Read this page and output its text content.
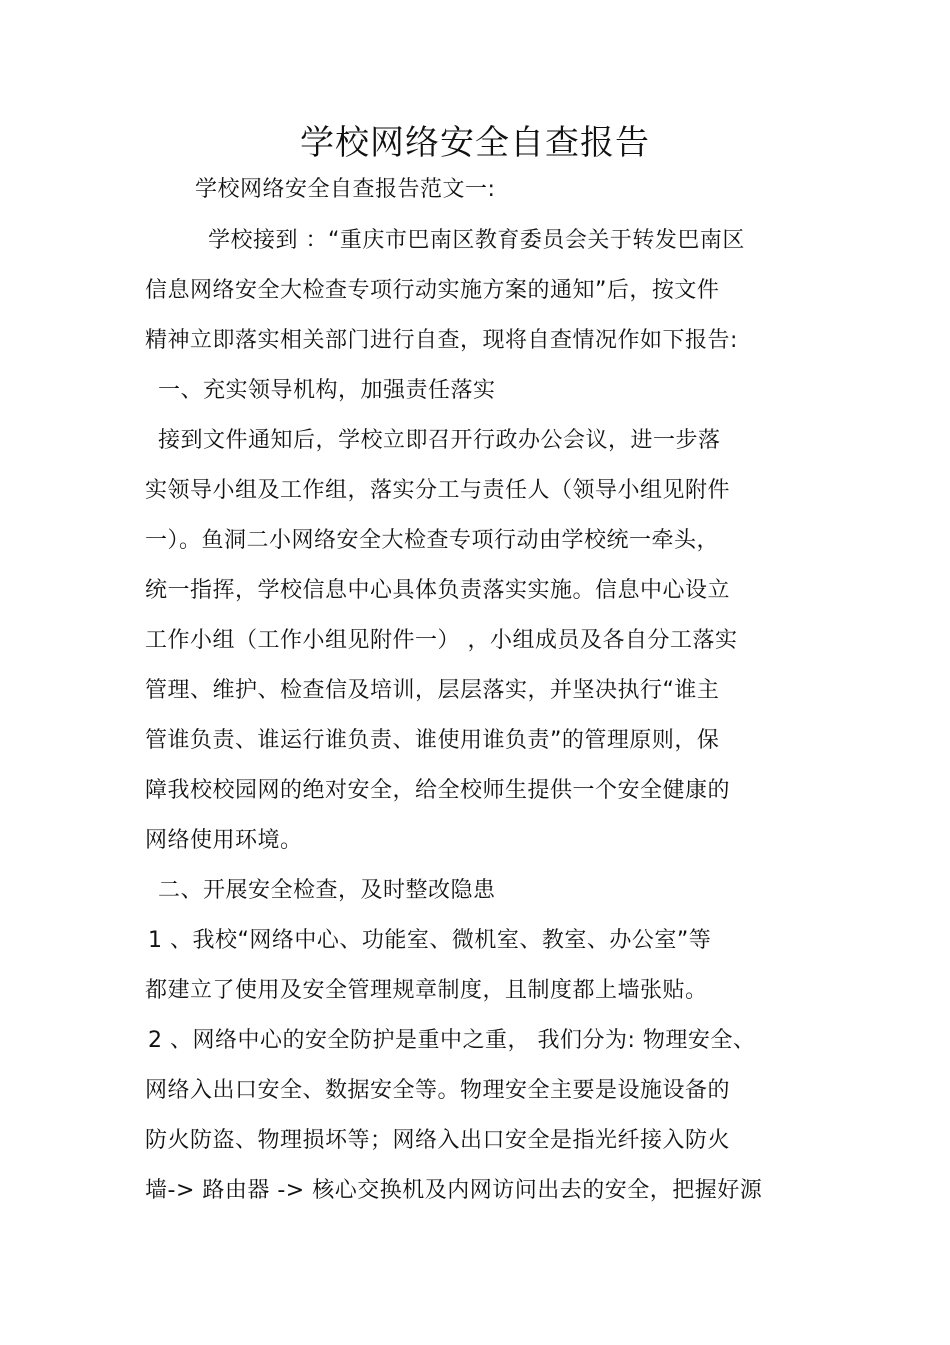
学校网络安全自查报告
学校网络安全自查报告范文一:
学校接到 ：“重庆市巴南区教育委员会关于转发巴南区
信息网络安全大检查专项行动实施方案的通知”后，按文件
精神立即落实相关部门进行自查，现将自查情况作如下报告:
一、充实领导机构，加强责任落实
接到文件通知后，学校立即召开行政办公会议，进一步落
实领导小组及工作组，落实分工与责任人（领导小组见附件
一）。鱼洞二小网络安全大检查专项行动由学校统一牵头，
统一指挥，学校信息中心具体负责落实实施。信息中心设立
工作小组（工作小组见附件一） ，小组成员及各自分工落实
管理、维护、检查信及培训，层层落实，并坚决执行“谁主
管谁负责、谁运行谁负责、谁使用谁负责”的管理原则，保
障我校校园网的绝对安全，给全校师生提供一个安全健康的
网络使用环境。
二、开展安全检查，及时整改隐患
1 、我校“网络中心、功能室、微机室、教室、办公室”等
都建立了使用及安全管理规章制度，且制度都上墙张贴。
2 、网络中心的安全防护是重中之重， 我们分为: 物理安全、
网络入出口安全、数据安全等。物理安全主要是设施设备的
防火防盗、物理损坏等；网络入出口安全是指光纤接入防火
墙-> 路由器 -> 核心交换机及内网访问出去的安全，把握好源
